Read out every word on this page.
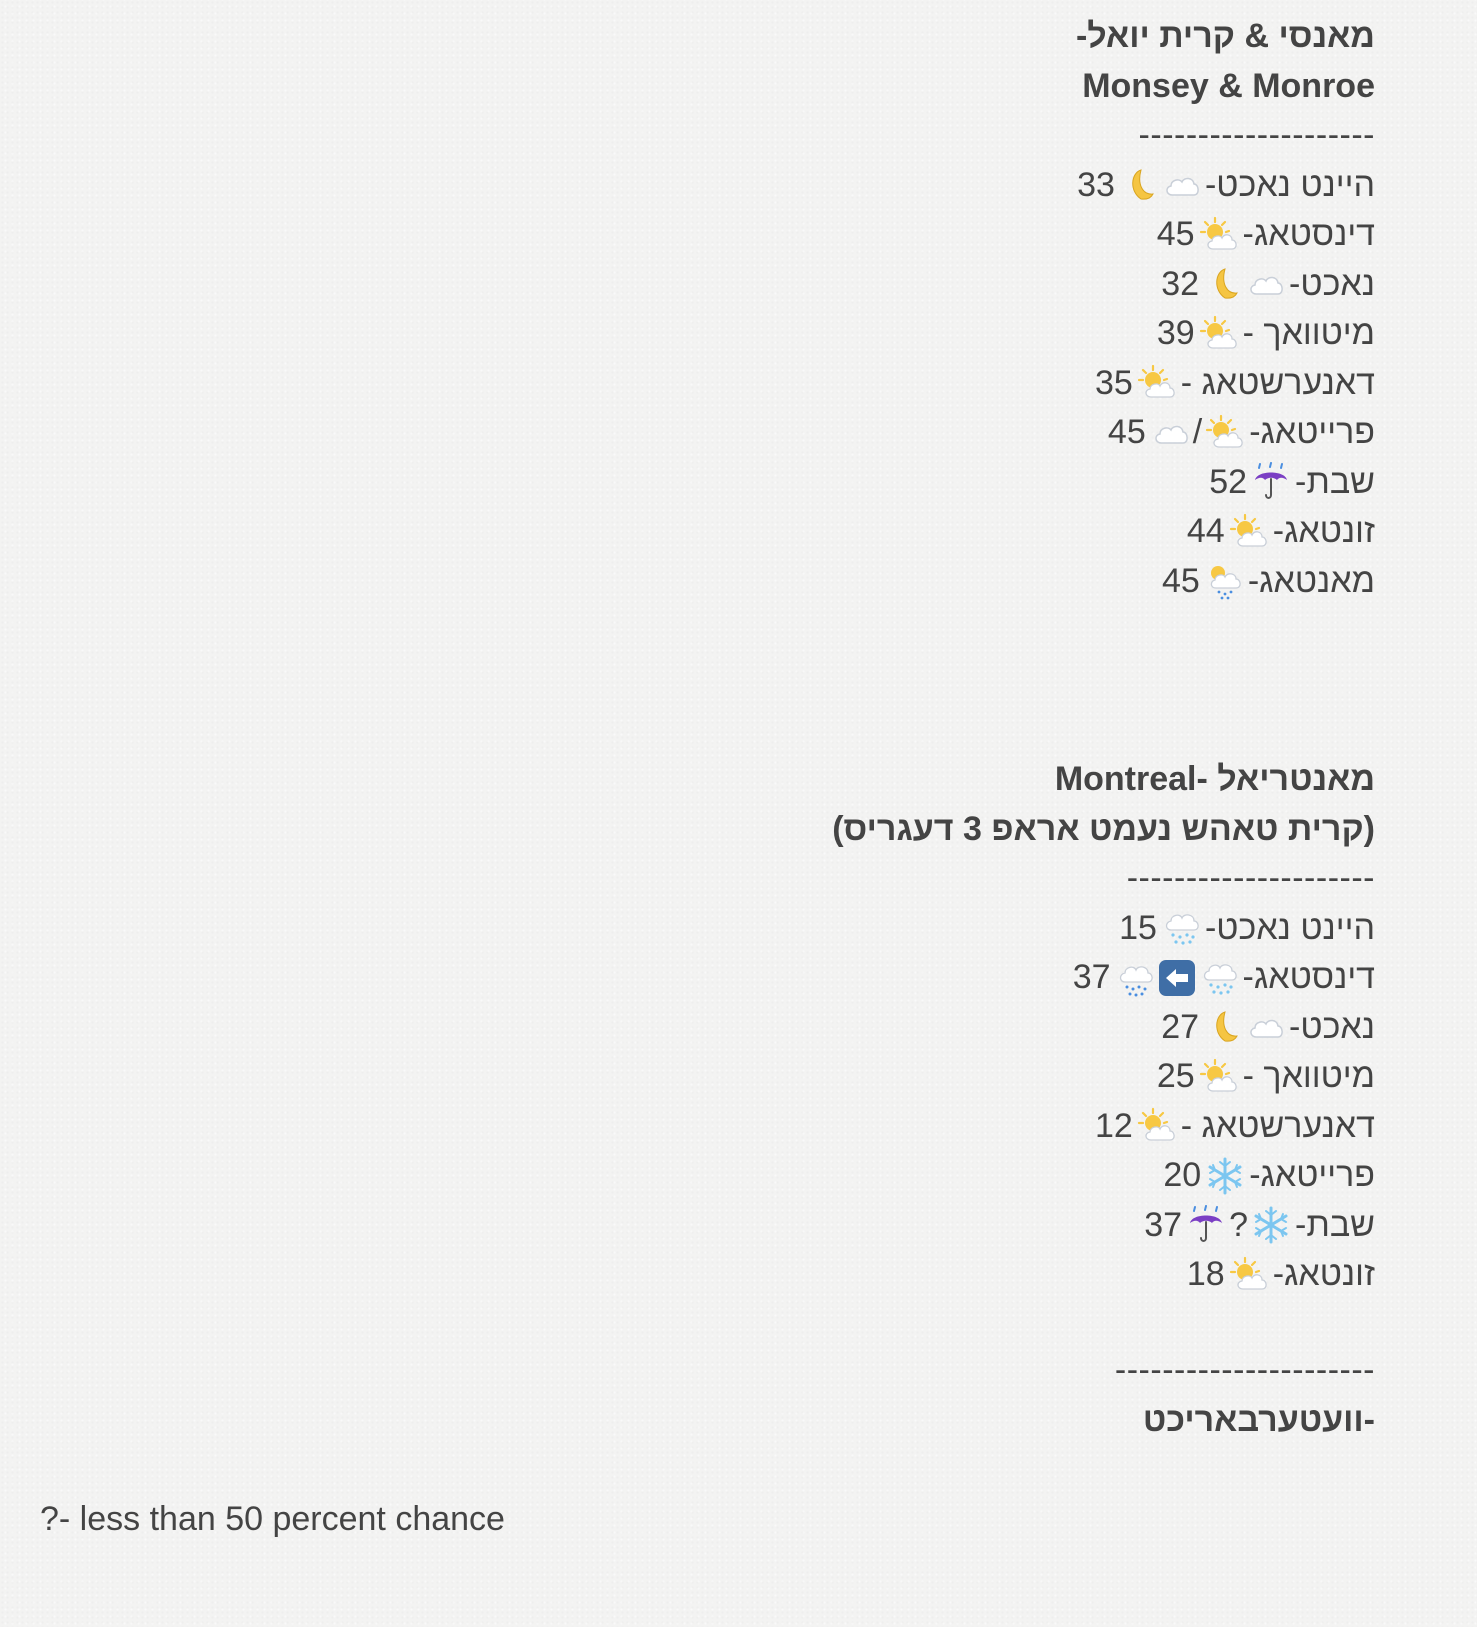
מאנסי & קרית יואל-
Monsey & Monroe
--------------------
היינט נאכט-
33
דינסטאג-
45
נאכט-
32
מיטוואך -
39
דאנערשטאג -
35
פרייטאג-
/
45
שבת-
52
זונטאג-
44
מאנטאג-
45
מאנטריאל -Montreal
(קרית טאהש נעמט אראפ 3 דעגריס)
---------------------
היינט נאכט-
15
דינסטאג-
37
נאכט-
27
מיטוואך -
25
דאנערשטאג -
12
פרייטאג-
20
שבת-
?
37
זונטאג-
18
----------------------
-וועטערבאריכט
?- less than 50 percent chance
